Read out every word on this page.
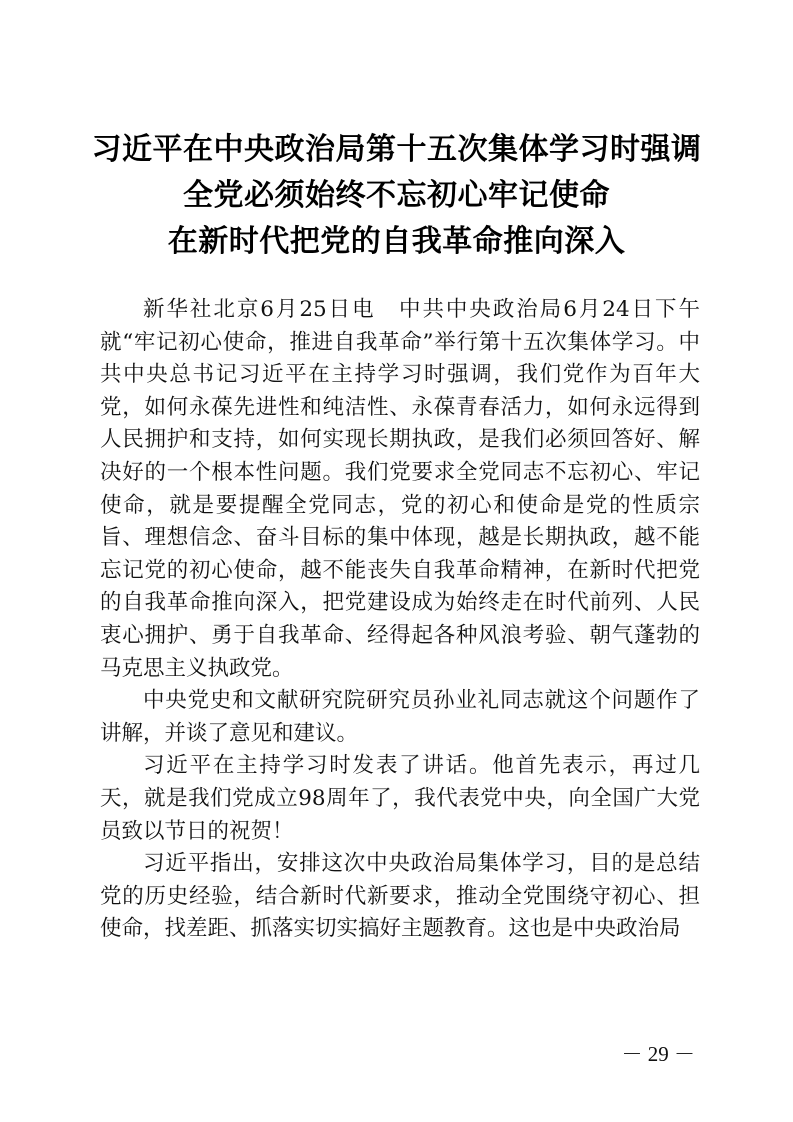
习近平在中央政治局第十五次集体学习时强调
全党必须始终不忘初心牢记使命
在新时代把党的自我革命推向深入

新华社北京6月25日电　中共中央政治局6月24日下午就“牢记初心使命，推进自我革命”举行第十五次集体学习。中共中央总书记习近平在主持学习时强调，我们党作为百年大党，如何永葆先进性和纯洁性、永葆青春活力，如何永远得到人民拥护和支持，如何实现长期执政，是我们必须回答好、解决好的一个根本性问题。我们党要求全党同志不忘初心、牢记使命，就是要提醒全党同志，党的初心和使命是党的性质宗旨、理想信念、奋斗目标的集中体现，越是长期执政，越不能忘记党的初心使命，越不能丧失自我革命精神，在新时代把党的自我革命推向深入，把党建设成为始终走在时代前列、人民衷心拥护、勇于自我革命、经得起各种风浪考验、朝气蓬勃的马克思主义执政党。

中央党史和文献研究院研究员孙业礼同志就这个问题作了讲解，并谈了意见和建议。

习近平在主持学习时发表了讲话。他首先表示，再过几天，就是我们党成立98周年了，我代表党中央，向全国广大党员致以节日的祝贺！

习近平指出，安排这次中央政治局集体学习，目的是总结党的历史经验，结合新时代新要求，推动全党围绕守初心、担使命，找差距、抓落实切实搞好主题教育。这也是中央政治局

－ 29 －
